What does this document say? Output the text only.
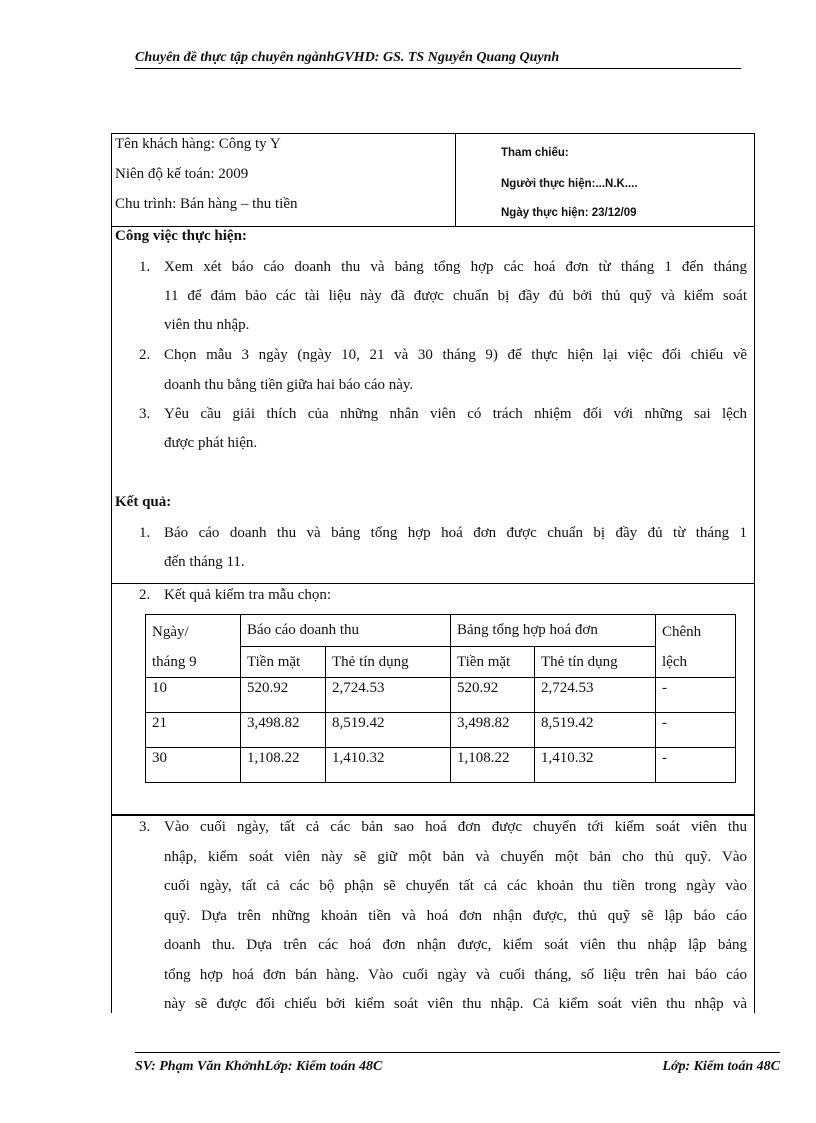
Chuyên đề thực tập chuyên ngànhGVHD: GS. TS Nguyễn Quang Quynh
Tên khách hàng: Công ty Y
Niên độ kế toán: 2009
Chu trình: Bán hàng – thu tiền
Tham chiếu:
Người thực hiện:...N.K....
Ngày thực hiện: 23/12/09
Công việc thực hiện:
1. Xem xét báo cáo doanh thu và bảng tổng hợp các hoá đơn từ tháng 1 đến tháng
11 để đảm bảo các tài liệu này đã được chuẩn bị đầy đủ bởi thủ quỹ và kiểm soát
viên thu nhập.
2. Chọn mẫu 3 ngày (ngày 10, 21 và 30 tháng 9) để thực hiện lại việc đối chiếu về
doanh thu bằng tiền giữa hai báo cáo này.
3. Yêu cầu giải thích của những nhân viên có trách nhiệm đối với những sai lệch
được phát hiện.
Kết quả:
1. Báo cáo doanh thu và bảng tổng hợp hoá đơn được chuẩn bị đầy đủ từ tháng 1
đến tháng 11.
2. Kết quả kiểm tra mẫu chọn:
Ngày/
tháng 9	Báo cáo doanh thu		Bảng tổng hợp hoá đơn		Chênh
lệch
	Tiền mặt	Thẻ tín dụng	Tiền mặt	Thẻ tín dụng	
10	520.92	2,724.53	520.92	2,724.53	-
21	3,498.82	8,519.42	3,498.82	8,519.42	-
30	1,108.22	1,410.32	1,108.22	1,410.32	-
3. Vào cuối ngày, tất cả các bản sao hoá đơn được chuyển tới kiểm soát viên thu
nhập, kiểm soát viên này sẽ giữ một bản và chuyển một bản cho thủ quỹ. Vào
cuối ngày, tất cả các bộ phận sẽ chuyển tất cả các khoản thu tiền trong ngày vào
quỹ. Dựa trên những khoản tiền và hoá đơn nhận được, thủ quỹ sẽ lập báo cáo
doanh thu. Dựa trên các hoá đơn nhận được, kiểm soát viên thu nhập lập bảng
tổng hợp hoá đơn bán hàng. Vào cuối ngày và cuối tháng, số liệu trên hai báo cáo
này sẽ được đối chiếu bởi kiểm soát viên thu nhập. Cả kiểm soát viên thu nhập và
SV: Phạm Văn KhởnhLớp: Kiểm toán 48C	Lớp: Kiểm toán 48C
